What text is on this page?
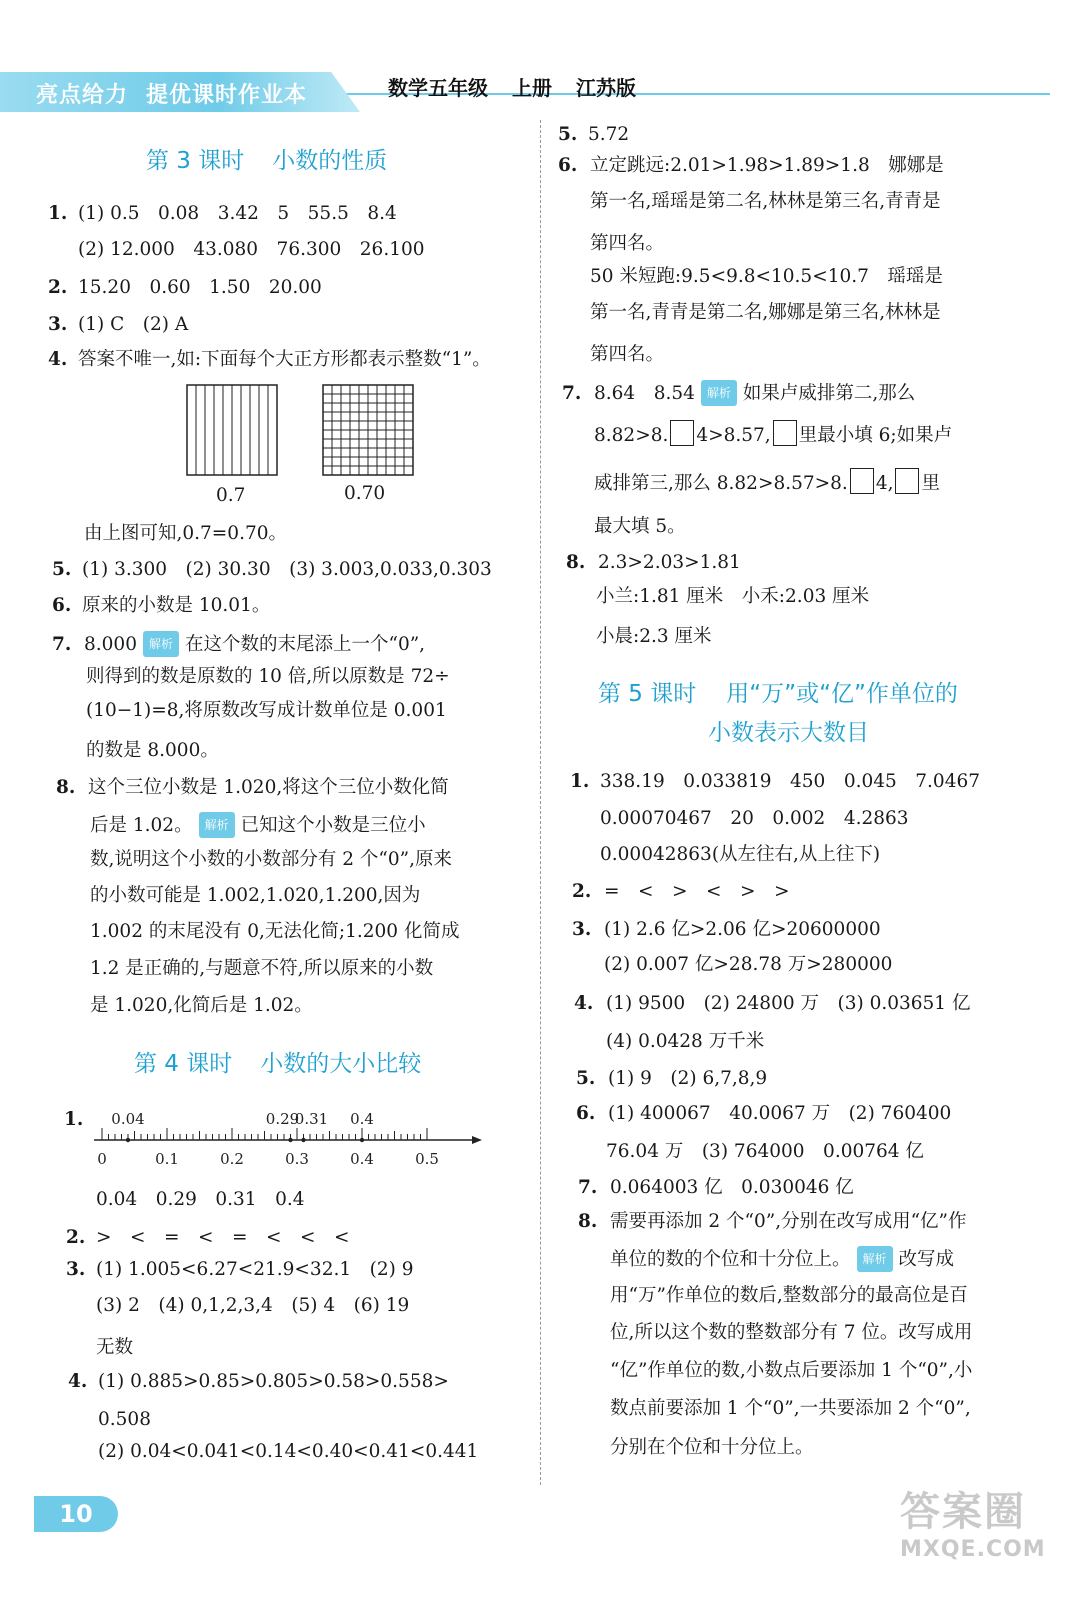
亮点给力 提优课时作业本	数学五年级 上册 江苏版
第 3 课时 小数的性质
1. (1) 0.5　0.08　3.42　5　55.5　8.4
(2) 12.000　43.080　76.300　26.100
2. 15.20　0.60　1.50　20.00
3. (1) C　(2) A
4. 答案不唯一,如:下面每个大正方形都表示整数“1”。
0.7	0.70
由上图可知,0.7=0.70。
5. (1) 3.300　(2) 30.30　(3) 3.003,0.033,0.303
6. 原来的小数是 10.01。
7. 8.000 解析 在这个数的末尾添上一个“0”,
则得到的数是原数的 10 倍,所以原数是 72÷
(10−1)=8,将原数改写成计数单位是 0.001
的数是 8.000。
8. 这个三位小数是 1.020,将这个三位小数化简
后是 1.02。 解析 已知这个小数是三位小
数,说明这个小数的小数部分有 2 个“0”,原来
的小数可能是 1.002,1.020,1.200,因为
1.002 的末尾没有 0,无法化简;1.200 化简成
1.2 是正确的,与题意不符,所以原来的小数
是 1.020,化简后是 1.02。
第 4 课时 小数的大小比较
1.
0	0.1	0.2	0.3	0.4	0.5
0.04	0.29
0.31 0.4
0.04　0.29　0.31　0.4
2. >　<　=　<　=　<　<　<
3. (1) 1.005<6.27<21.9<32.1　(2) 9
(3) 2　(4) 0,1,2,3,4　(5) 4　(6) 19
无数
4. (1) 0.885>0.85>0.805>0.58>0.558>
0.508
(2) 0.04<0.041<0.14<0.40<0.41<0.441
5. 5.72
6. 立定跳远:2.01>1.98>1.89>1.8　娜娜是
第一名,瑶瑶是第二名,林林是第三名,青青是
第四名。
50 米短跑:9.5<9.8<10.5<10.7　瑶瑶是
第一名,青青是第二名,娜娜是第三名,林林是
第四名。
7. 8.64　8.54 解析 如果卢威排第二,那么
8.82>8. 4>8.57, 里最小填 6;如果卢
威排第三,那么 8.82>8.57>8. 4, 里
最大填 5。
8. 2.3>2.03>1.81
小兰:1.81 厘米　小禾:2.03 厘米
小晨:2.3 厘米
第 5 课时 用“万”或“亿”作单位的
小数表示大数目
1. 338.19　0.033819　450　0.045　7.0467
0.00070467　20　0.002　4.2863
0.00042863(从左往右,从上往下)
2. =　<　>　<　>　>
3. (1) 2.6 亿>2.06 亿>20600000
(2) 0.007 亿>28.78 万>280000
4. (1) 9500　(2) 24800 万　(3) 0.03651 亿
(4) 0.0428 万千米
5. (1) 9　(2) 6,7,8,9
6. (1) 400067　40.0067 万　(2) 760400
76.04 万　(3) 764000　0.00764 亿
7. 0.064003 亿　0.030046 亿
8. 需要再添加 2 个“0”,分别在改写成用“亿”作
单位的数的个位和十分位上。 解析 改写成
用“万”作单位的数后,整数部分的最高位是百
位,所以这个数的整数部分有 7 位。改写成用
“亿”作单位的数,小数点后要添加 1 个“0”,小
数点前要添加 1 个“0”,一共要添加 2 个“0”,
分别在个位和十分位上。
10	答案圈
MXQE.COM
